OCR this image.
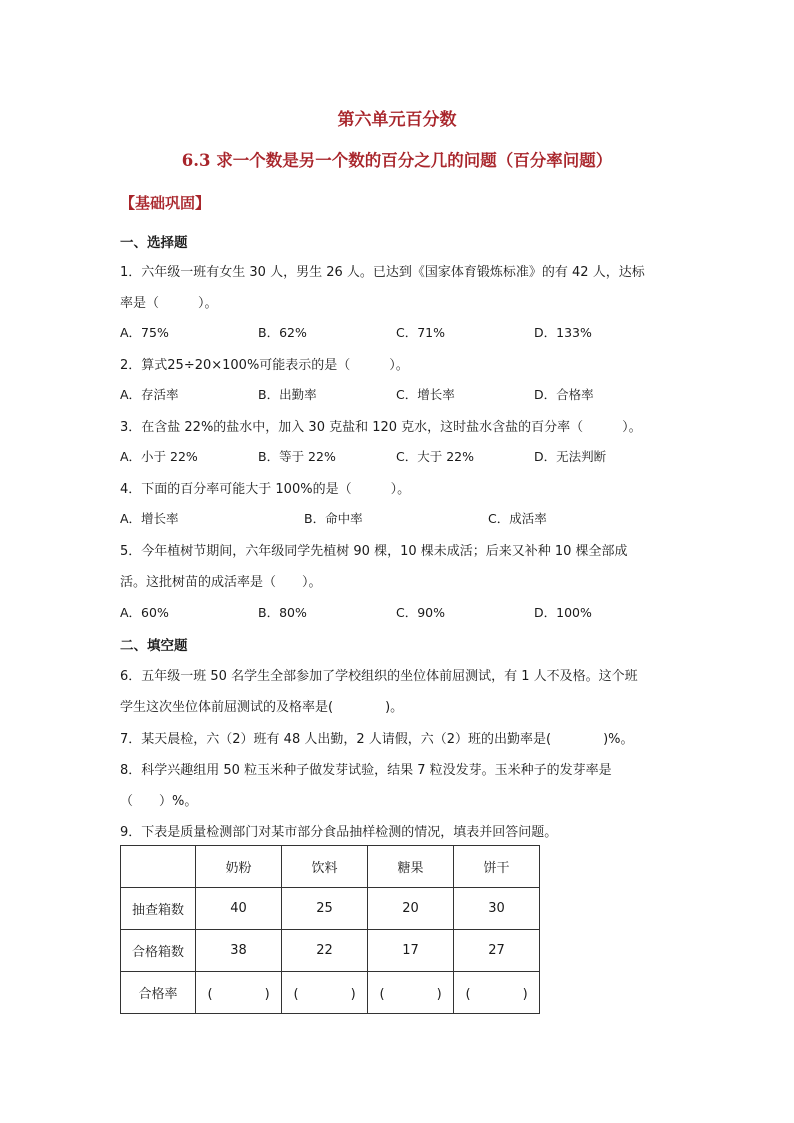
第六单元百分数
6.3 求一个数是另一个数的百分之几的问题（百分率问题）
【基础巩固】
一、选择题
1．六年级一班有女生 30 人，男生 26 人。已达到《国家体育锻炼标准》的有 42 人，达标
率是（　　　）。
A．75%	B．62%	C．71%	D．133%
2．算式25÷20×100%可能表示的是（　　　）。
A．存活率	B．出勤率	C．增长率	D．合格率
3．在含盐 22%的盐水中，加入 30 克盐和 120 克水，这时盐水含盐的百分率（　　　）。
A．小于 22%	B．等于 22%	C．大于 22%	D．无法判断
4．下面的百分率可能大于 100%的是（　　　）。
A．增长率	B．命中率	C．成活率
5．今年植树节期间，六年级同学先植树 90 棵，10 棵未成活；后来又补种 10 棵全部成
活。这批树苗的成活率是（　　）。
A．60%	B．80%	C．90%	D．100%
二、填空题
6．五年级一班 50 名学生全部参加了学校组织的坐位体前屈测试，有 1 人不及格。这个班
学生这次坐位体前屈测试的及格率是(　　　　)。
7．某天晨检，六（2）班有 48 人出勤，2 人请假，六（2）班的出勤率是(　　　　)%。
8．科学兴趣组用 50 粒玉米种子做发芽试验，结果 7 粒没发芽。玉米种子的发芽率是
（　　）%。
9．下表是质量检测部门对某市部分食品抽样检测的情况，填表并回答问题。
	奶粉	饮料	糖果	饼干
抽查箱数	40	25	20	30
合格箱数	38	22	17	27
合格率	(　　　　)	(　　　　)	(　　　　)	(　　　　)
